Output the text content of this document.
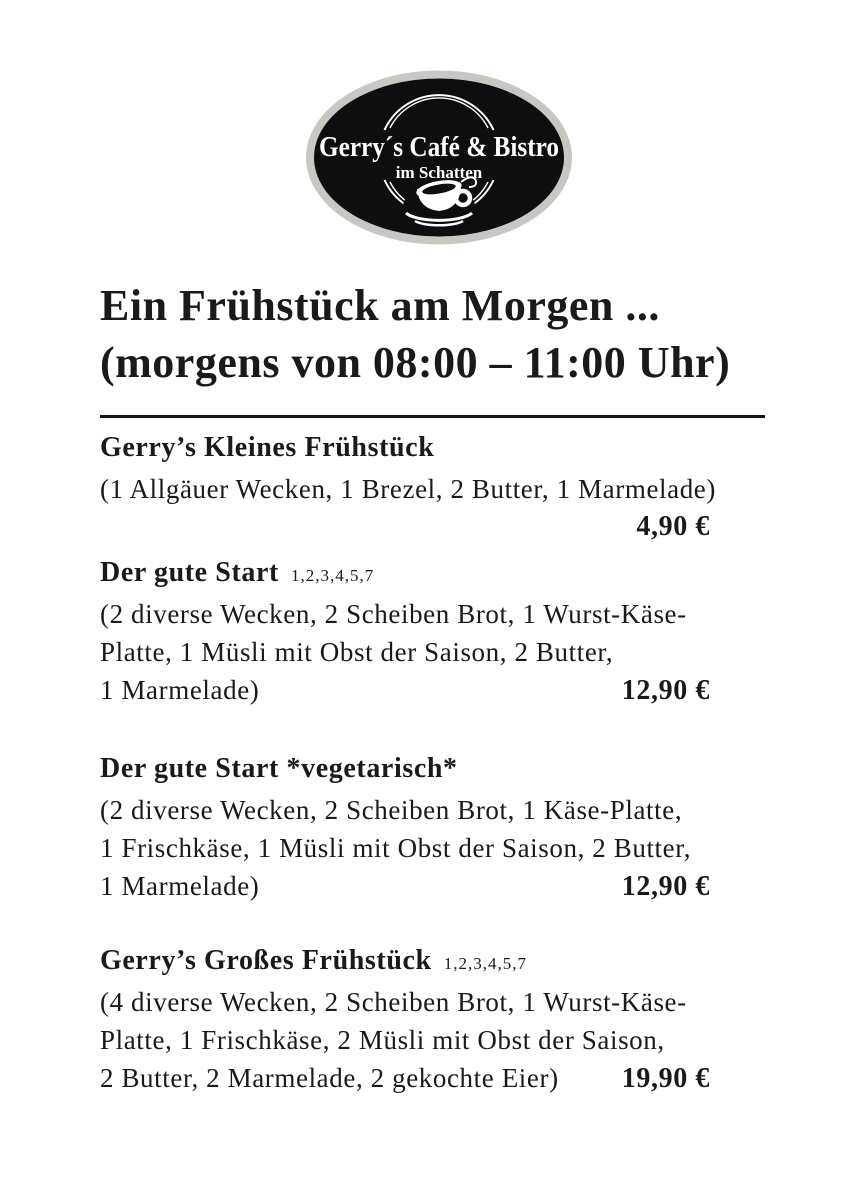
Gerry´s Café & Bistro
im Schatten
Ein Frühstück am Morgen ...
(morgens von 08:00 – 11:00 Uhr)
Gerry’s Kleines Frühstück
(1 Allgäuer Wecken, 1 Brezel, 2 Butter, 1 Marmelade)
4,90 €
Der gute Start 1,2,3,4,5,7
(2 diverse Wecken, 2 Scheiben Brot, 1 Wurst-Käse-
Platte, 1 Müsli mit Obst der Saison, 2 Butter,
1 Marmelade)	12,90 €
Der gute Start *vegetarisch*
(2 diverse Wecken, 2 Scheiben Brot, 1 Käse-Platte,
1 Frischkäse, 1 Müsli mit Obst der Saison, 2 Butter,
1 Marmelade)	12,90 €
Gerry’s Großes Frühstück 1,2,3,4,5,7
(4 diverse Wecken, 2 Scheiben Brot, 1 Wurst-Käse-
Platte, 1 Frischkäse, 2 Müsli mit Obst der Saison,
2 Butter, 2 Marmelade, 2 gekochte Eier) 19,90 €
